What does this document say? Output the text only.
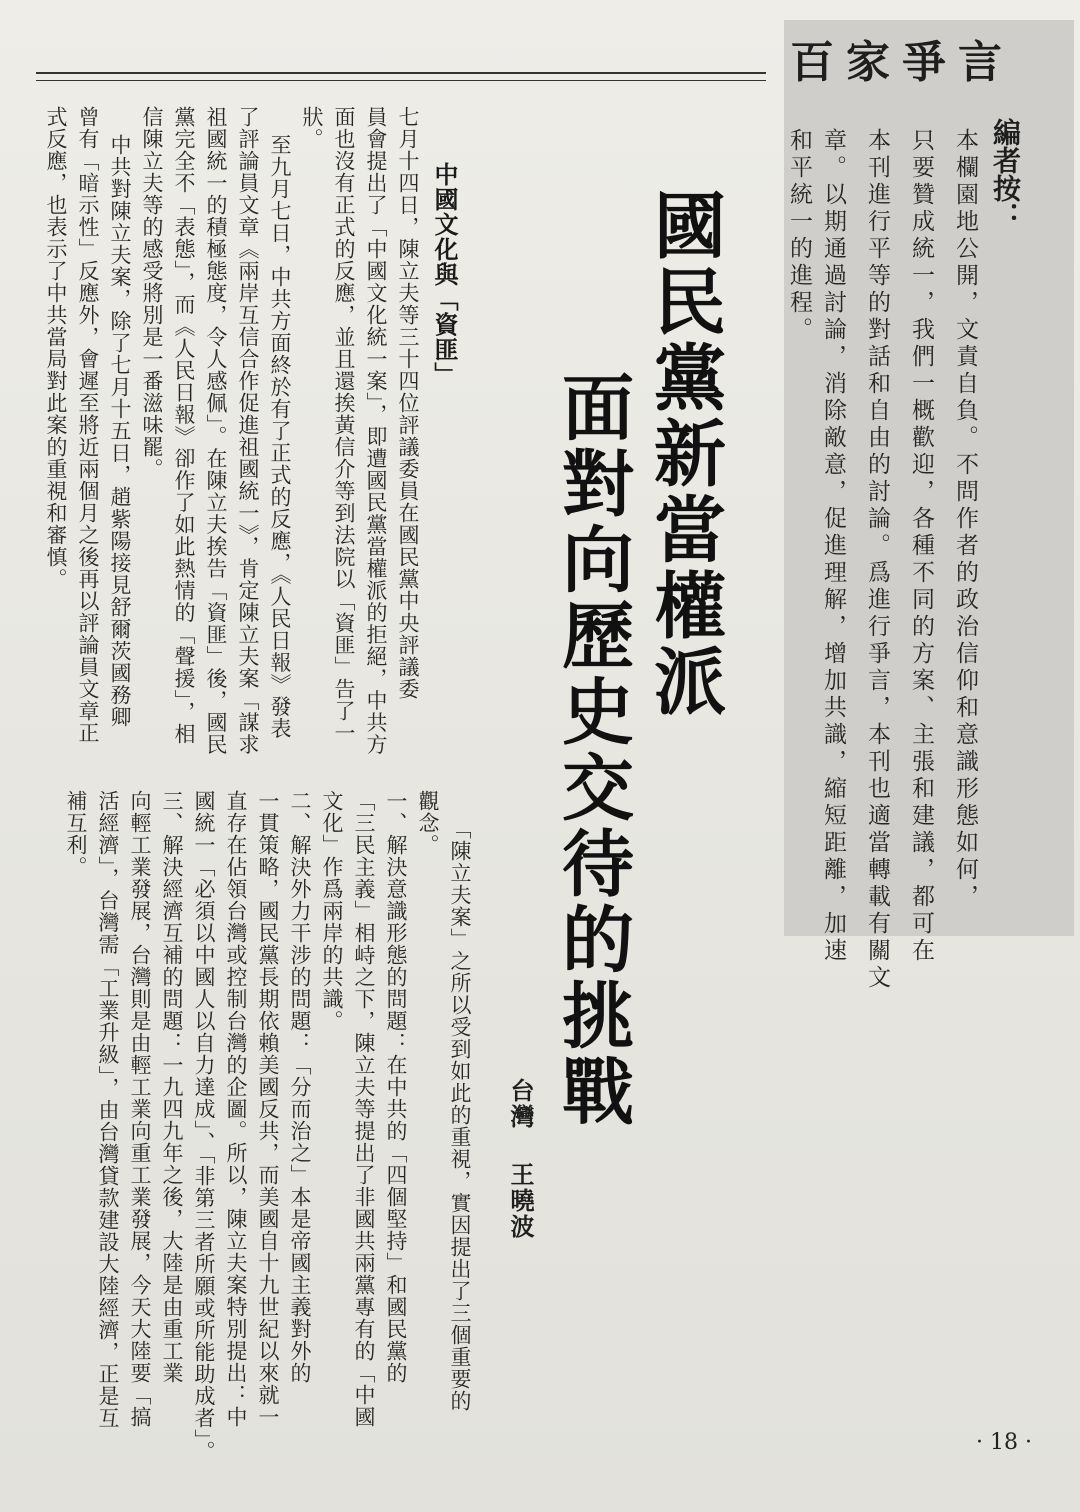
百家爭言
編者按：
本欄園地公開，文責自負。不問作者的政治信仰和意識形態如何，
只要贊成統一，我們一概歡迎，各種不同的方案、主張和建議，都可在
本刊進行平等的對話和自由的討論。爲進行爭言，本刊也適當轉載有關文
章。以期通過討論，消除敵意，促進理解，增加共識，縮短距離，加速
和平統一的進程。
國民黨新當權派
面對向歷史交待的挑戰
台灣
王曉波
「陳立夫案」之所以受到如此的重視，實因提出了三個重要的
觀念。
一、解決意識形態的問題：在中共的「四個堅持」和國民黨的
「三民主義」相峙之下，陳立夫等提出了非國共兩黨專有的「中國
文化」作爲兩岸的共識。
二、解決外力干涉的問題：「分而治之」本是帝國主義對外的
一貫策略，國民黨長期依賴美國反共，而美國自十九世紀以來就一
直存在佔領台灣或控制台灣的企圖。所以，陳立夫案特別提出：中
國統一「必須以中國人以自力達成」、「非第三者所願或所能助成者」。
三、解決經濟互補的問題：一九四九年之後，大陸是由重工業
向輕工業發展，台灣則是由輕工業向重工業發展，今天大陸要「搞
活經濟」，台灣需「工業升級」，由台灣貸款建設大陸經濟，正是互
補互利。
中國文化與「資匪」
七月十四日，陳立夫等三十四位評議委員在國民黨中央評議委
員會提出了「中國文化統一案」，即遭國民黨當權派的拒絕，中共方
面也沒有正式的反應，並且還挨黃信介等到法院以「資匪」告了一
狀。
至九月七日，中共方面終於有了正式的反應，《人民日報》發表
了評論員文章《兩岸互信合作促進祖國統一》，肯定陳立夫案「謀求
祖國統一的積極態度，令人感佩」。在陳立夫挨告「資匪」後，國民
黨完全不「表態」，而《人民日報》卻作了如此熱情的「聲援」，相
信陳立夫等的感受將別是一番滋味罷。
中共對陳立夫案，除了七月十五日，趙紫陽接見舒爾茨國務卿
曾有「暗示性」反應外，會遲至將近兩個月之後再以評論員文章正
式反應，也表示了中共當局對此案的重視和審慎。
· 18 ·
